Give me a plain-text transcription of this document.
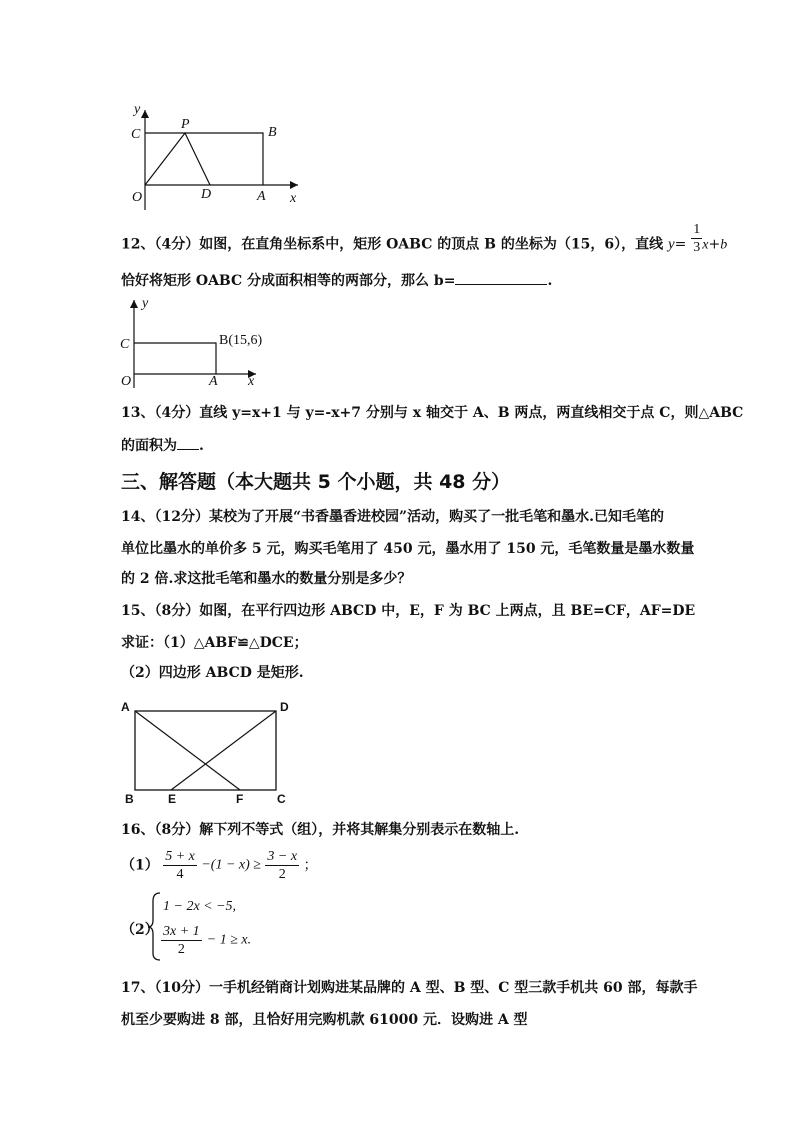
y
C
P
B
O	D	A x
12、（4分）如图，在直角坐标系中，矩形 OABC 的顶点 B 的坐标为（15，6），直线 $y= \frac{1}{3} x+b$
恰好将矩形 OABC 分成面积相等的两部分，那么 b=	.
y
C	B(15,6)
O	A x
13、（4分）直线 y=x+1 与 y=-x+7 分别与 x 轴交于 A、B 两点，两直线相交于点 C，则△ABC
的面积为 .
三、解答题（本大题共 5 个小题，共 48 分）
14、（12分）某校为了开展“书香墨香进校园”活动，购买了一批毛笔和墨水.已知毛笔的
单位比墨水的单价多 5 元，购买毛笔用了 450 元，墨水用了 150 元，毛笔数量是墨水数量
的 2 倍.求这批毛笔和墨水的数量分别是多少？
15、（8分）如图，在平行四边形 ABCD 中，E，F 为 BC 上两点，且 BE=CF，AF=DE
求证：（1）△ABF≌△DCE；
（2）四边形 ABCD 是矩形.
A	D
B	E	F	C
16、（8分）解下列不等式（组），并将其解集分别表示在数轴上.
$(1) \frac{5 + x}{4} -(1 - x) \ge \frac{3 - x}{2}$ ；
（2）
1 − 2x < −5,
$\frac{3x + 1}{2} - 1 \ge x$.
17、（10分）一手机经销商计划购进某品牌的 A 型、B 型、C 型三款手机共 60 部，每款手
机至少要购进 8 部，且恰好用完购机款 61000 元．设购进 A 型
